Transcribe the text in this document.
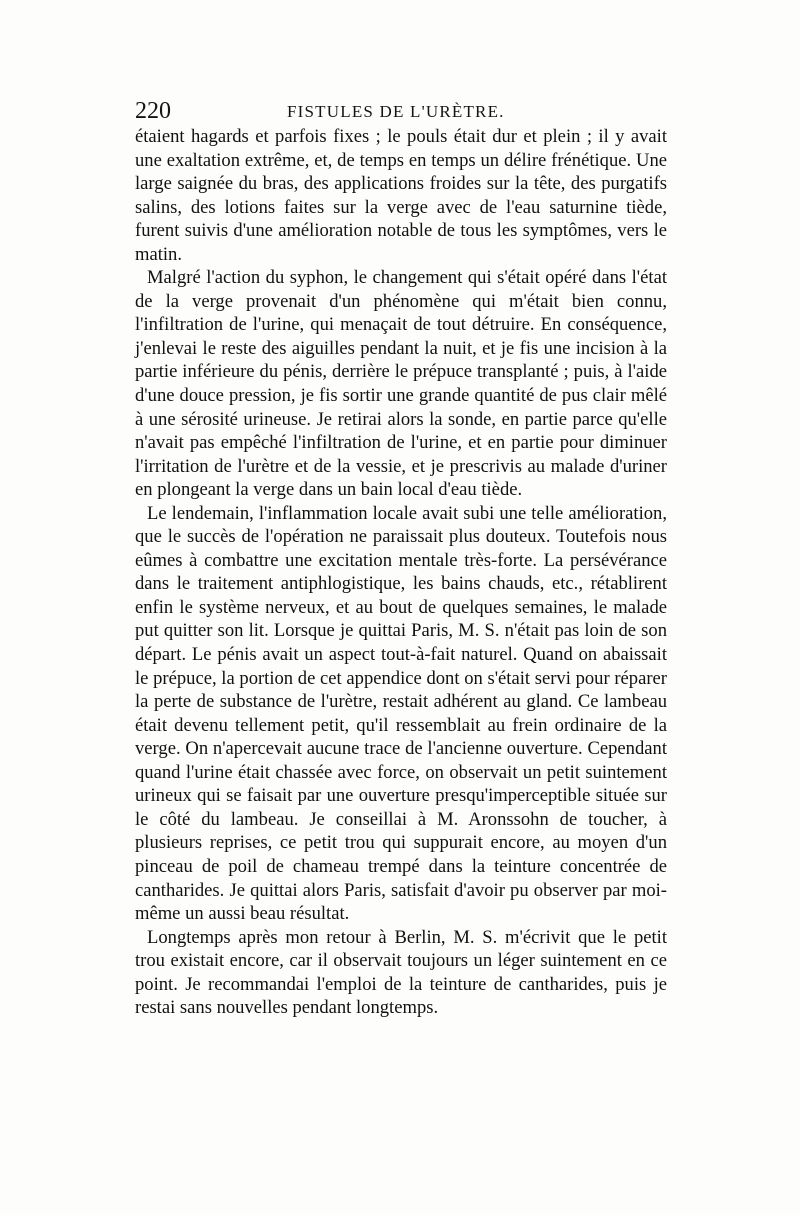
220	FISTULES DE L'URÈTRE.

étaient hagards et parfois fixes ; le pouls était dur et plein ; il y avait une exaltation extrême, et, de temps en temps un délire frénétique. Une large saignée du bras, des applications froides sur la tête, des purgatifs salins, des lotions faites sur la verge avec de l'eau saturnine tiède, furent suivis d'une amélioration notable de tous les symptômes, vers le matin.

Malgré l'action du syphon, le changement qui s'était opéré dans l'état de la verge provenait d'un phénomène qui m'était bien connu, l'infiltration de l'urine, qui menaçait de tout détruire. En conséquence, j'enlevai le reste des aiguilles pendant la nuit, et je fis une incision à la partie inférieure du pénis, derrière le prépuce transplanté ; puis, à l'aide d'une douce pression, je fis sortir une grande quantité de pus clair mêlé à une sérosité urineuse. Je retirai alors la sonde, en partie parce qu'elle n'avait pas empêché l'infiltration de l'urine, et en partie pour diminuer l'irritation de l'urètre et de la vessie, et je prescrivis au malade d'uriner en plongeant la verge dans un bain local d'eau tiède.

Le lendemain, l'inflammation locale avait subi une telle amélioration, que le succès de l'opération ne paraissait plus douteux. Toutefois nous eûmes à combattre une excitation mentale très-forte. La persévérance dans le traitement antiphlogistique, les bains chauds, etc., rétablirent enfin le système nerveux, et au bout de quelques semaines, le malade put quitter son lit. Lorsque je quittai Paris, M. S. n'était pas loin de son départ. Le pénis avait un aspect tout-à-fait naturel. Quand on abaissait le prépuce, la portion de cet appendice dont on s'était servi pour réparer la perte de substance de l'urètre, restait adhérent au gland. Ce lambeau était devenu tellement petit, qu'il ressemblait au frein ordinaire de la verge. On n'apercevait aucune trace de l'ancienne ouverture. Cependant quand l'urine était chassée avec force, on observait un petit suintement urineux qui se faisait par une ouverture presqu'imperceptible située sur le côté du lambeau. Je conseillai à M. Aronssohn de toucher, à plusieurs reprises, ce petit trou qui suppurait encore, au moyen d'un pinceau de poil de chameau trempé dans la teinture concentrée de cantharides. Je quittai alors Paris, satisfait d'avoir pu observer par moi-même un aussi beau résultat.

Longtemps après mon retour à Berlin, M. S. m'écrivit que le petit trou existait encore, car il observait toujours un léger suintement en ce point. Je recommandai l'emploi de la teinture de cantharides, puis je restai sans nouvelles pendant longtemps.
